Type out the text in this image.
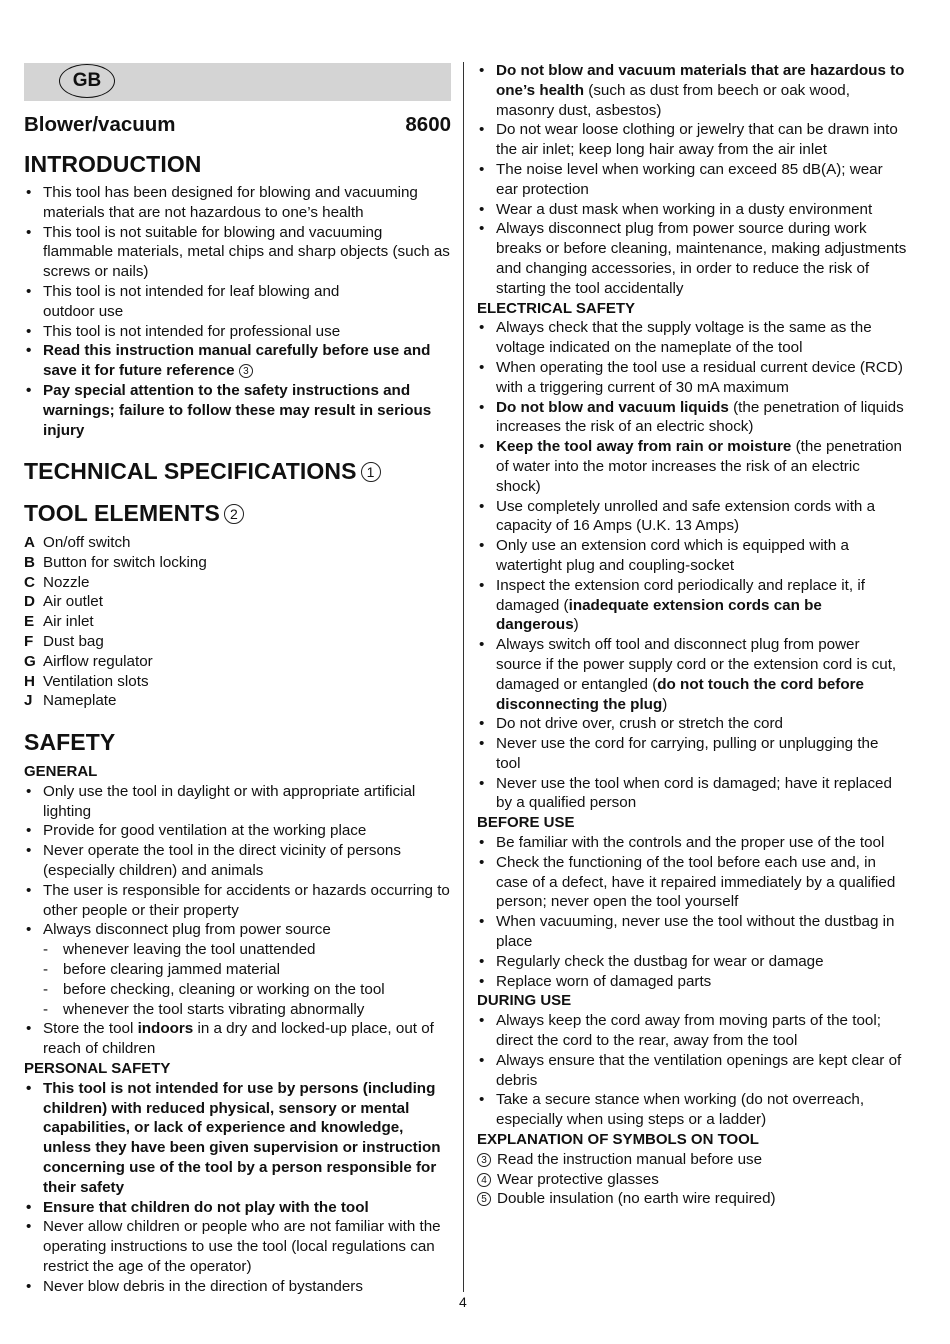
GB
Blower/vacuum	8600
INTRODUCTION
• This tool has been designed for blowing and vacuuming materials that are not hazardous to one’s health
• This tool is not suitable for blowing and vacuuming flammable materials, metal chips and sharp objects (such as screws or nails)
• This tool is not intended for leaf blowing and outdoor use
• This tool is not intended for professional use
• Read this instruction manual carefully before use and save it for future reference 3
• Pay special attention to the safety instructions and warnings; failure to follow these may result in serious injury
TECHNICAL SPECIFICATIONS 1
TOOL ELEMENTS 2
A On/off switch
B Button for switch locking
C Nozzle
D Air outlet
E Air inlet
F Dust bag
G Airflow regulator
H Ventilation slots
J Nameplate
SAFETY
GENERAL
• Only use the tool in daylight or with appropriate artificial lighting
• Provide for good ventilation at the working place
• Never operate the tool in the direct vicinity of persons (especially children) and animals
• The user is responsible for accidents or hazards occurring to other people or their property
• Always disconnect plug from power source
- whenever leaving the tool unattended
- before clearing jammed material
- before checking, cleaning or working on the tool
- whenever the tool starts vibrating abnormally
• Store the tool indoors in a dry and locked-up place, out of reach of children
PERSONAL SAFETY
• This tool is not intended for use by persons (including children) with reduced physical, sensory or mental capabilities, or lack of experience and knowledge, unless they have been given supervision or instruction concerning use of the tool by a person responsible for their safety
• Ensure that children do not play with the tool
• Never allow children or people who are not familiar with the operating instructions to use the tool (local regulations can restrict the age of the operator)
• Never blow debris in the direction of bystanders
• Do not blow and vacuum materials that are hazardous to one’s health (such as dust from beech or oak wood, masonry dust, asbestos)
• Do not wear loose clothing or jewelry that can be drawn into the air inlet; keep long hair away from the air inlet
• The noise level when working can exceed 85 dB(A); wear ear protection
• Wear a dust mask when working in a dusty environment
• Always disconnect plug from power source during work breaks or before cleaning, maintenance, making adjustments and changing accessories, in order to reduce the risk of starting the tool accidentally
ELECTRICAL SAFETY
• Always check that the supply voltage is the same as the voltage indicated on the nameplate of the tool
• When operating the tool use a residual current device (RCD) with a triggering current of 30 mA maximum
• Do not blow and vacuum liquids (the penetration of liquids increases the risk of an electric shock)
• Keep the tool away from rain or moisture (the penetration of water into the motor increases the risk of an electric shock)
• Use completely unrolled and safe extension cords with a capacity of 16 Amps (U.K. 13 Amps)
• Only use an extension cord which is equipped with a watertight plug and coupling-socket
• Inspect the extension cord periodically and replace it, if damaged (inadequate extension cords can be dangerous)
• Always switch off tool and disconnect plug from power source if the power supply cord or the extension cord is cut, damaged or entangled (do not touch the cord before disconnecting the plug)
• Do not drive over, crush or stretch the cord
• Never use the cord for carrying, pulling or unplugging the tool
• Never use the tool when cord is damaged; have it replaced by a qualified person
BEFORE USE
• Be familiar with the controls and the proper use of the tool
• Check the functioning of the tool before each use and, in case of a defect, have it repaired immediately by a qualified person; never open the tool yourself
• When vacuuming, never use the tool without the dustbag in place
• Regularly check the dustbag for wear or damage
• Replace worn of damaged parts
DURING USE
• Always keep the cord away from moving parts of the tool; direct the cord to the rear, away from the tool
• Always ensure that the ventilation openings are kept clear of debris
• Take a secure stance when working (do not overreach, especially when using steps or a ladder)
EXPLANATION OF SYMBOLS ON TOOL
3 Read the instruction manual before use
4 Wear protective glasses
5 Double insulation (no earth wire required)
4
